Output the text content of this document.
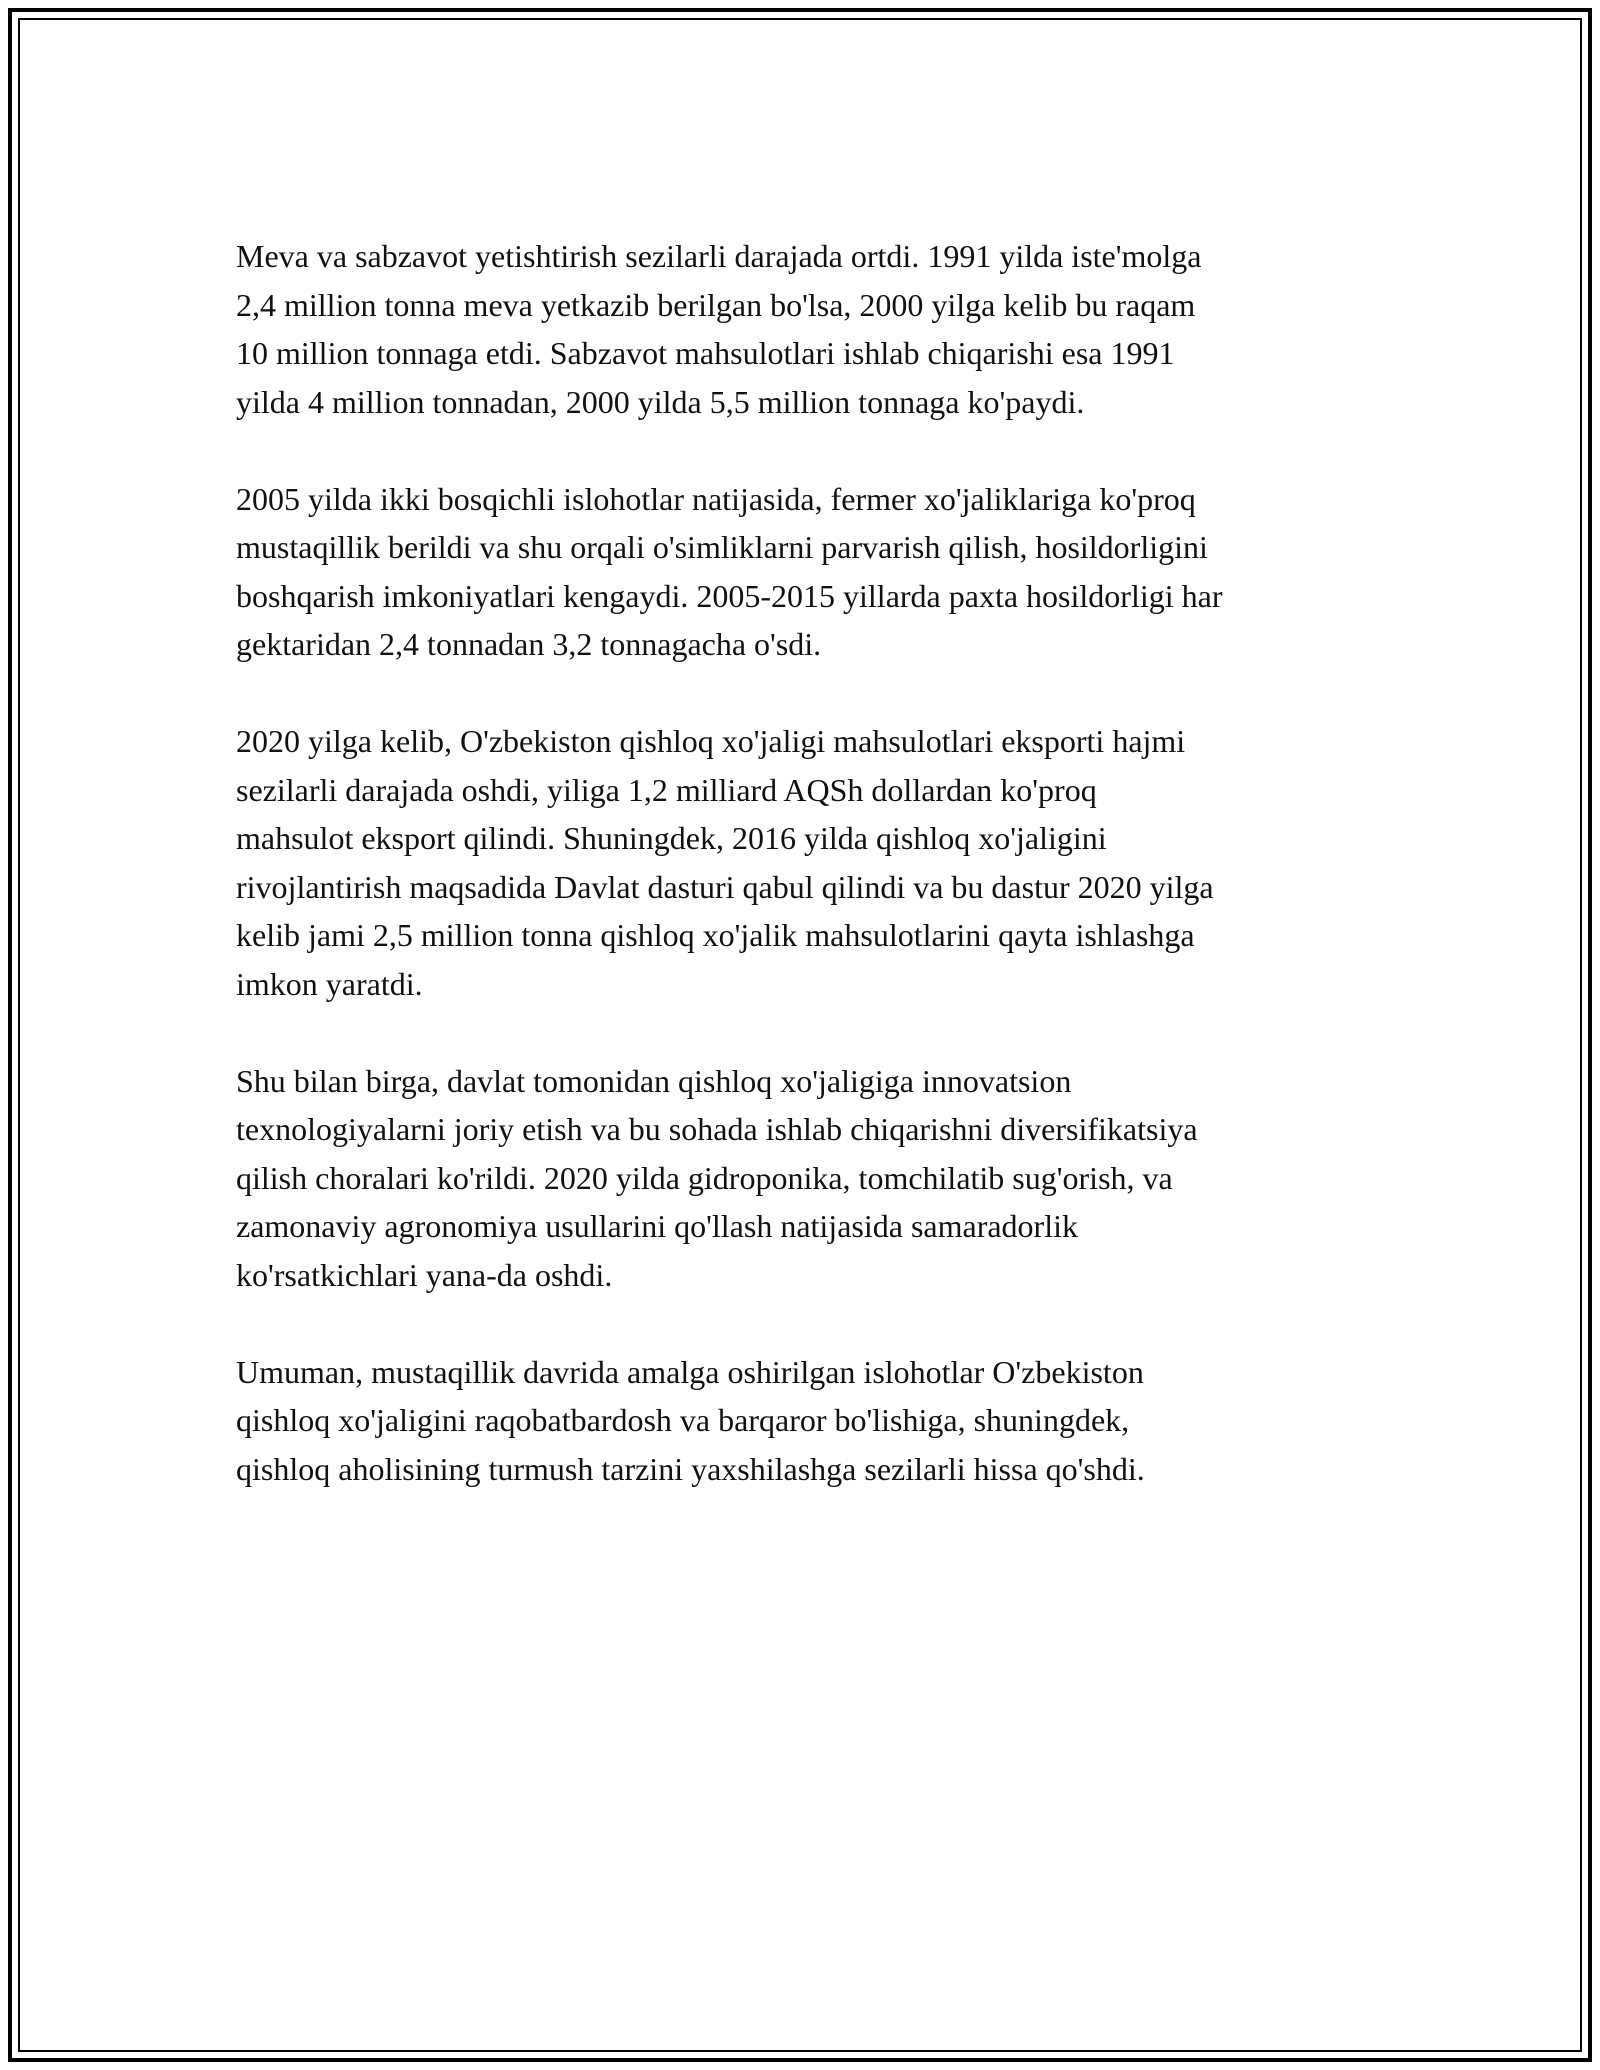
Meva va sabzavot yetishtirish sezilarli darajada ortdi. 1991 yilda iste'molga
2,4 million tonna meva yetkazib berilgan bo'lsa, 2000 yilga kelib bu raqam
10 million tonnaga etdi. Sabzavot mahsulotlari ishlab chiqarishi esa 1991
yilda 4 million tonnadan, 2000 yilda 5,5 million tonnaga ko'paydi.

2005 yilda ikki bosqichli islohotlar natijasida, fermer xo'jaliklariga ko'proq
mustaqillik berildi va shu orqali o'simliklarni parvarish qilish, hosildorligini
boshqarish imkoniyatlari kengaydi. 2005-2015 yillarda paxta hosildorligi har
gektaridan 2,4 tonnadan 3,2 tonnagacha o'sdi.

2020 yilga kelib, O'zbekiston qishloq xo'jaligi mahsulotlari eksporti hajmi
sezilarli darajada oshdi, yiliga 1,2 milliard AQSh dollardan ko'proq
mahsulot eksport qilindi. Shuningdek, 2016 yilda qishloq xo'jaligini
rivojlantirish maqsadida Davlat dasturi qabul qilindi va bu dastur 2020 yilga
kelib jami 2,5 million tonna qishloq xo'jalik mahsulotlarini qayta ishlashga
imkon yaratdi.

Shu bilan birga, davlat tomonidan qishloq xo'jaligiga innovatsion
texnologiyalarni joriy etish va bu sohada ishlab chiqarishni diversifikatsiya
qilish choralari ko'rildi. 2020 yilda gidroponika, tomchilatib sug'orish, va
zamonaviy agronomiya usullarini qo'llash natijasida samaradorlik
ko'rsatkichlari yana-da oshdi.

Umuman, mustaqillik davrida amalga oshirilgan islohotlar O'zbekiston
qishloq xo'jaligini raqobatbardosh va barqaror bo'lishiga, shuningdek,
qishloq aholisining turmush tarzini yaxshilashga sezilarli hissa qo'shdi.
